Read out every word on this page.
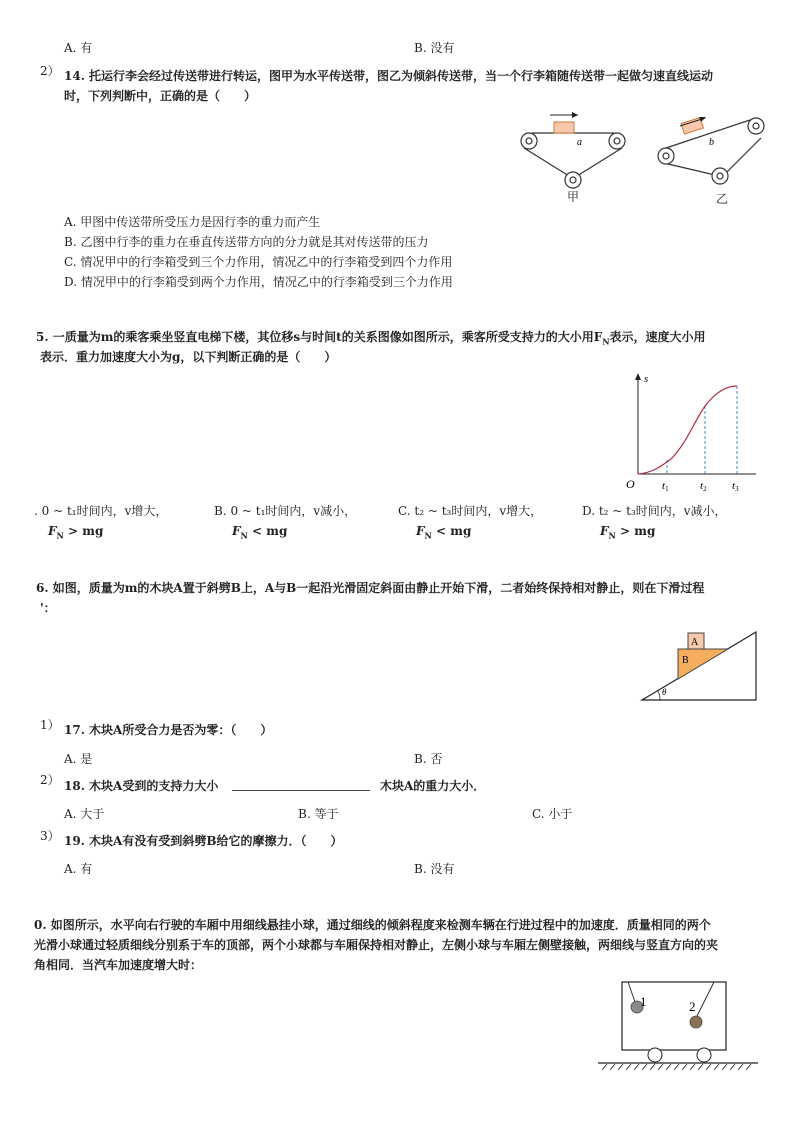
A. 有	B. 没有
2） 14. 托运行李会经过传送带进行转运，图甲为水平传送带，图乙为倾斜传送带，当一个行李箱随传送带一起做匀速直线运动
时，下列判断中，正确的是（　　）
a	b
甲	乙
A. 甲图中传送带所受压力是因行李的重力而产生
B. 乙图中行李的重力在垂直传送带方向的分力就是其对传送带的压力
C. 情况甲中的行李箱受到三个力作用，情况乙中的行李箱受到四个力作用
D. 情况甲中的行李箱受到两个力作用，情况乙中的行李箱受到三个力作用
5. 一质量为m的乘客乘坐竖直电梯下楼，其位移s与时间t的关系图像如图所示，乘客所受支持力的大小用$F_N$表示，速度大小用
表示．重力加速度大小为g，以下判断正确的是（　　）
s
O t1	t2 t3
. 0 ~ t₁时间内，v增大，
$F_N$ > mg
B. 0 ~ t₁时间内，v减小，
$F_N$ < mg
C. t₂ ~ t₃时间内，v增大，
$F_N$ < mg
D. t₂ ~ t₃时间内，v减小，
$F_N$ > mg
6. 如图，质量为m的木块A置于斜劈B上，A与B一起沿光滑固定斜面由静止开始下滑，二者始终保持相对静止，则在下滑过程
'：
A
B
θ
1） 17. 木块A所受合力是否为零：（　　）
A. 是	B. 否
2） 18. 木块A受到的支持力大小	木块A的重力大小．
A. 大于	B. 等于	C. 小于
3） 19. 木块A有没有受到斜劈B给它的摩擦力．（　　）
A. 有	B. 没有
0. 如图所示，水平向右行驶的车厢中用细线悬挂小球，通过细线的倾斜程度来检测车辆在行进过程中的加速度．质量相同的两个
光滑小球通过轻质细线分别系于车的顶部，两个小球都与车厢保持相对静止，左侧小球与车厢左侧壁接触，两细线与竖直方向的夹
角相同．当汽车加速度增大时：
1	2
